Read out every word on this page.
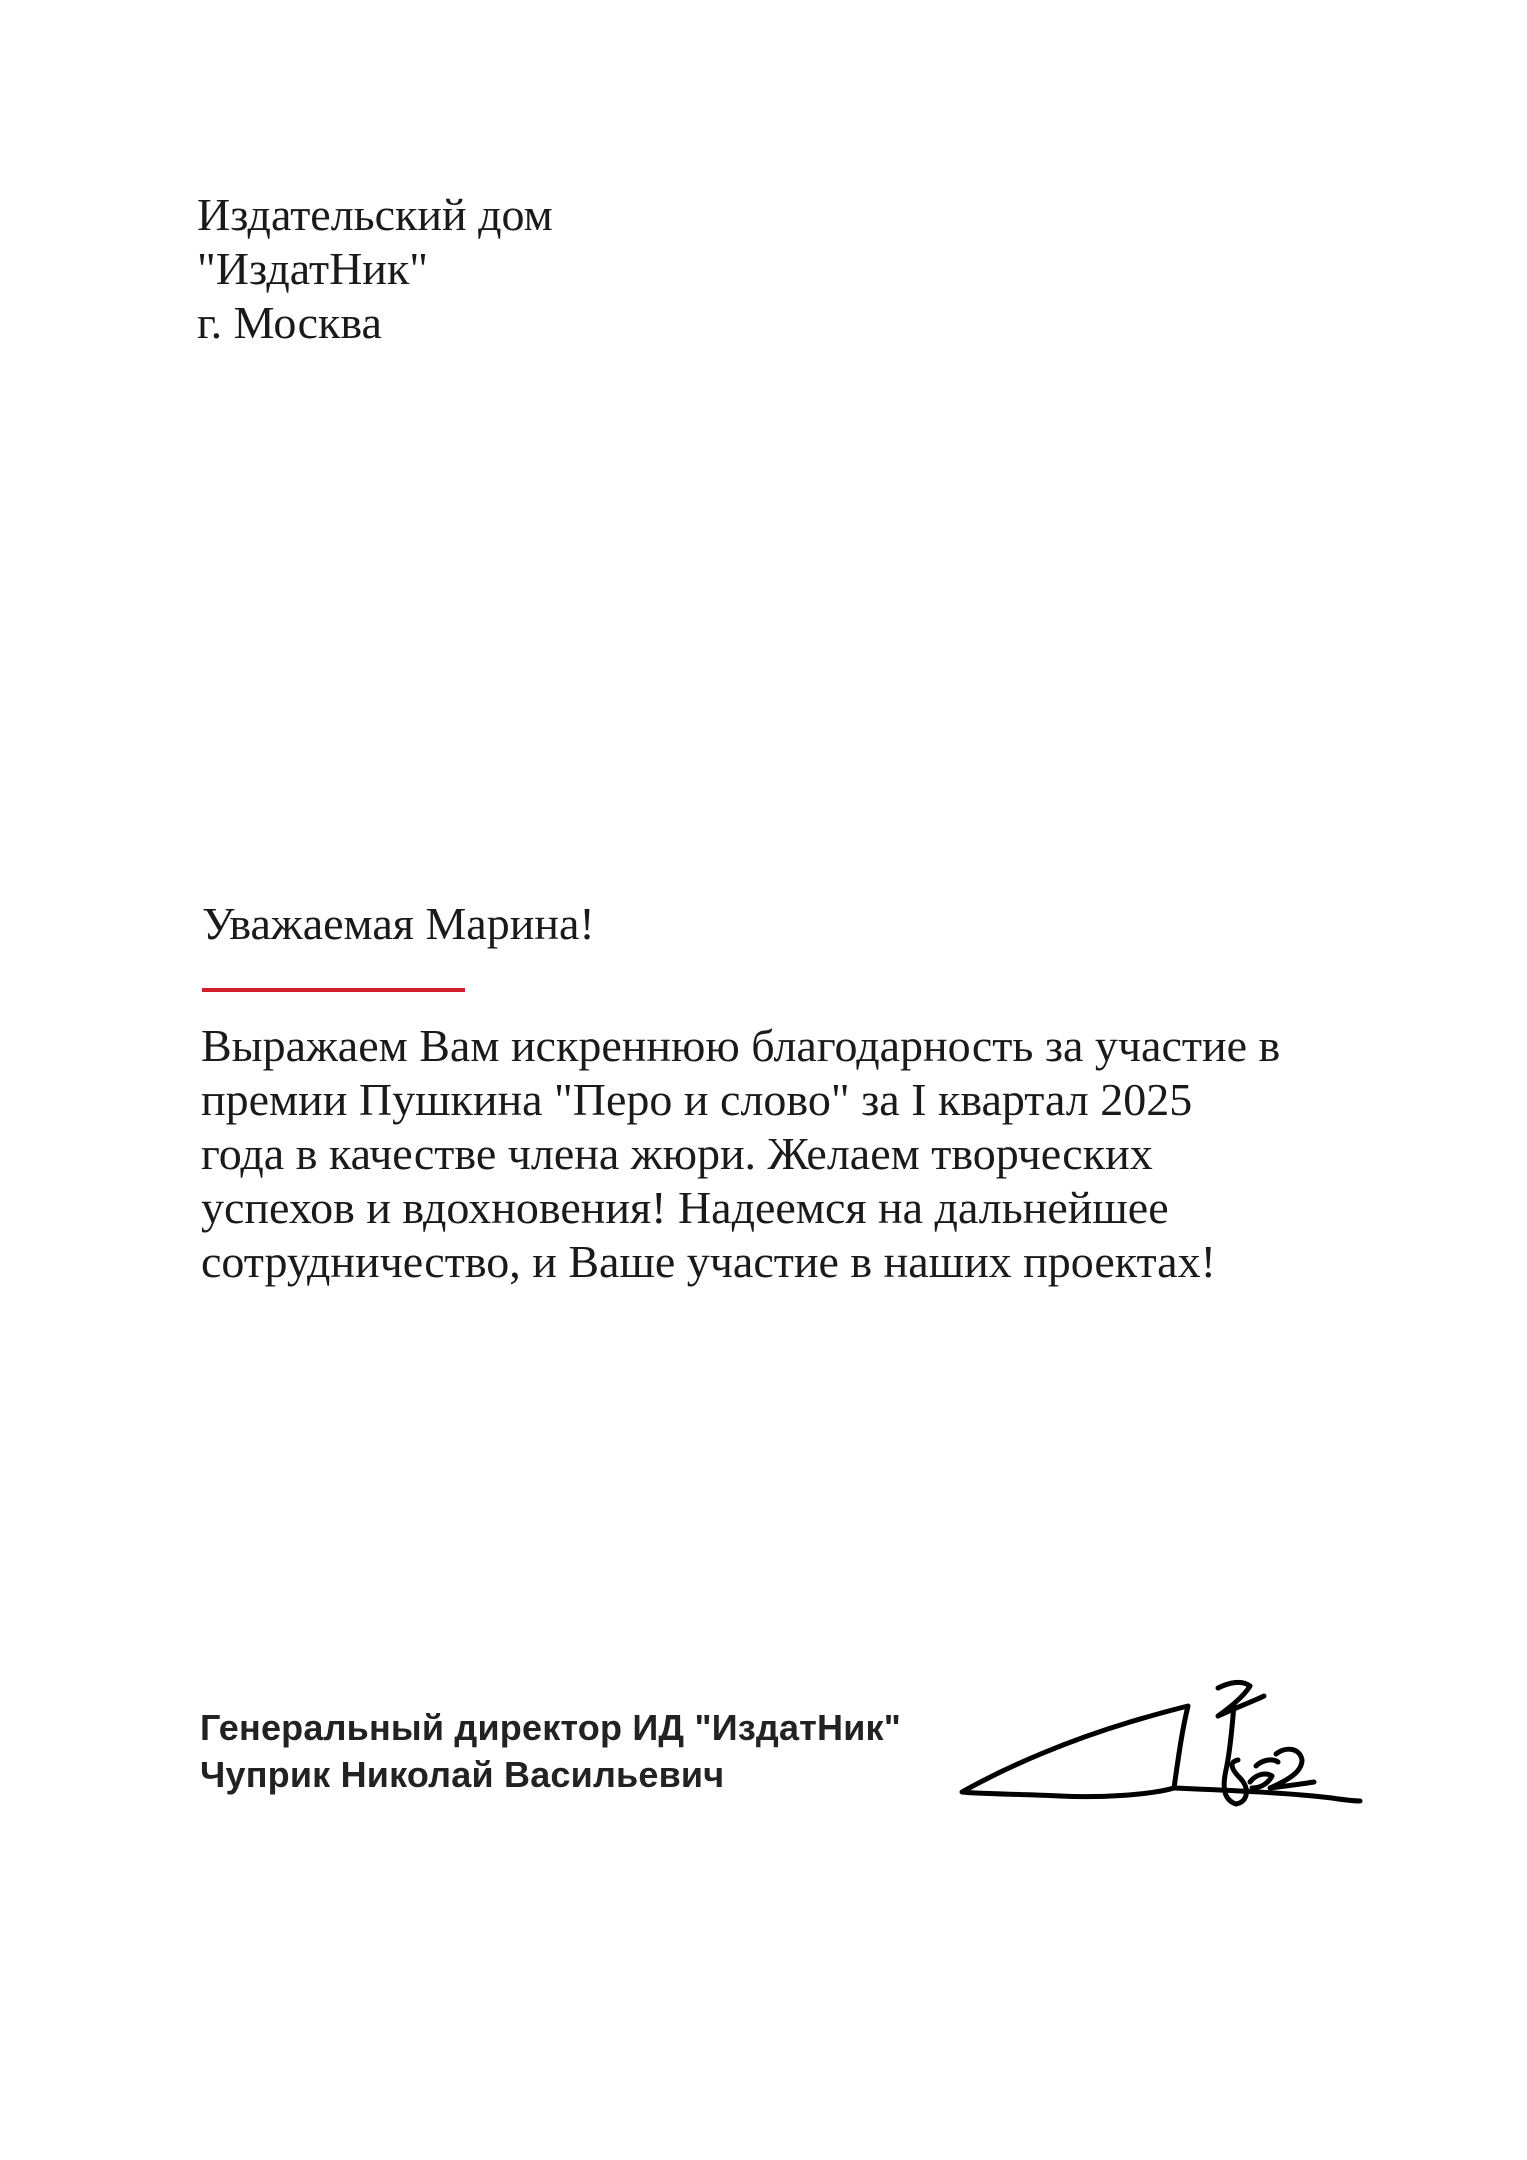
Издательский дом
"ИздатНик"
г. Москва
Уважаемая Марина!
Выражаем Вам искреннюю благодарность за участие в
премии Пушкина "Перо и слово" за I квартал 2025
года в качестве члена жюри. Желаем творческих
успехов и вдохновения! Надеемся на дальнейшее
сотрудничество, и Ваше участие в наших проектах!
Генеральный директор ИД "ИздатНик"
Чуприк Николай Васильевич
